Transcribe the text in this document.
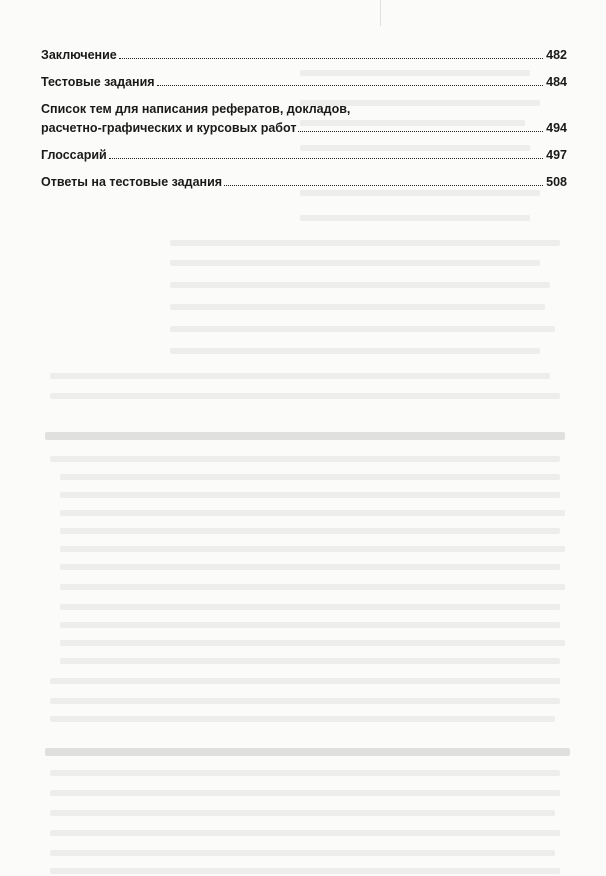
Заключение	482
Тестовые задания	484
Список тем для написания рефератов, докладов,
расчетно-графических и курсовых работ	494
Глоссарий	497
Ответы на тестовые задания	508
